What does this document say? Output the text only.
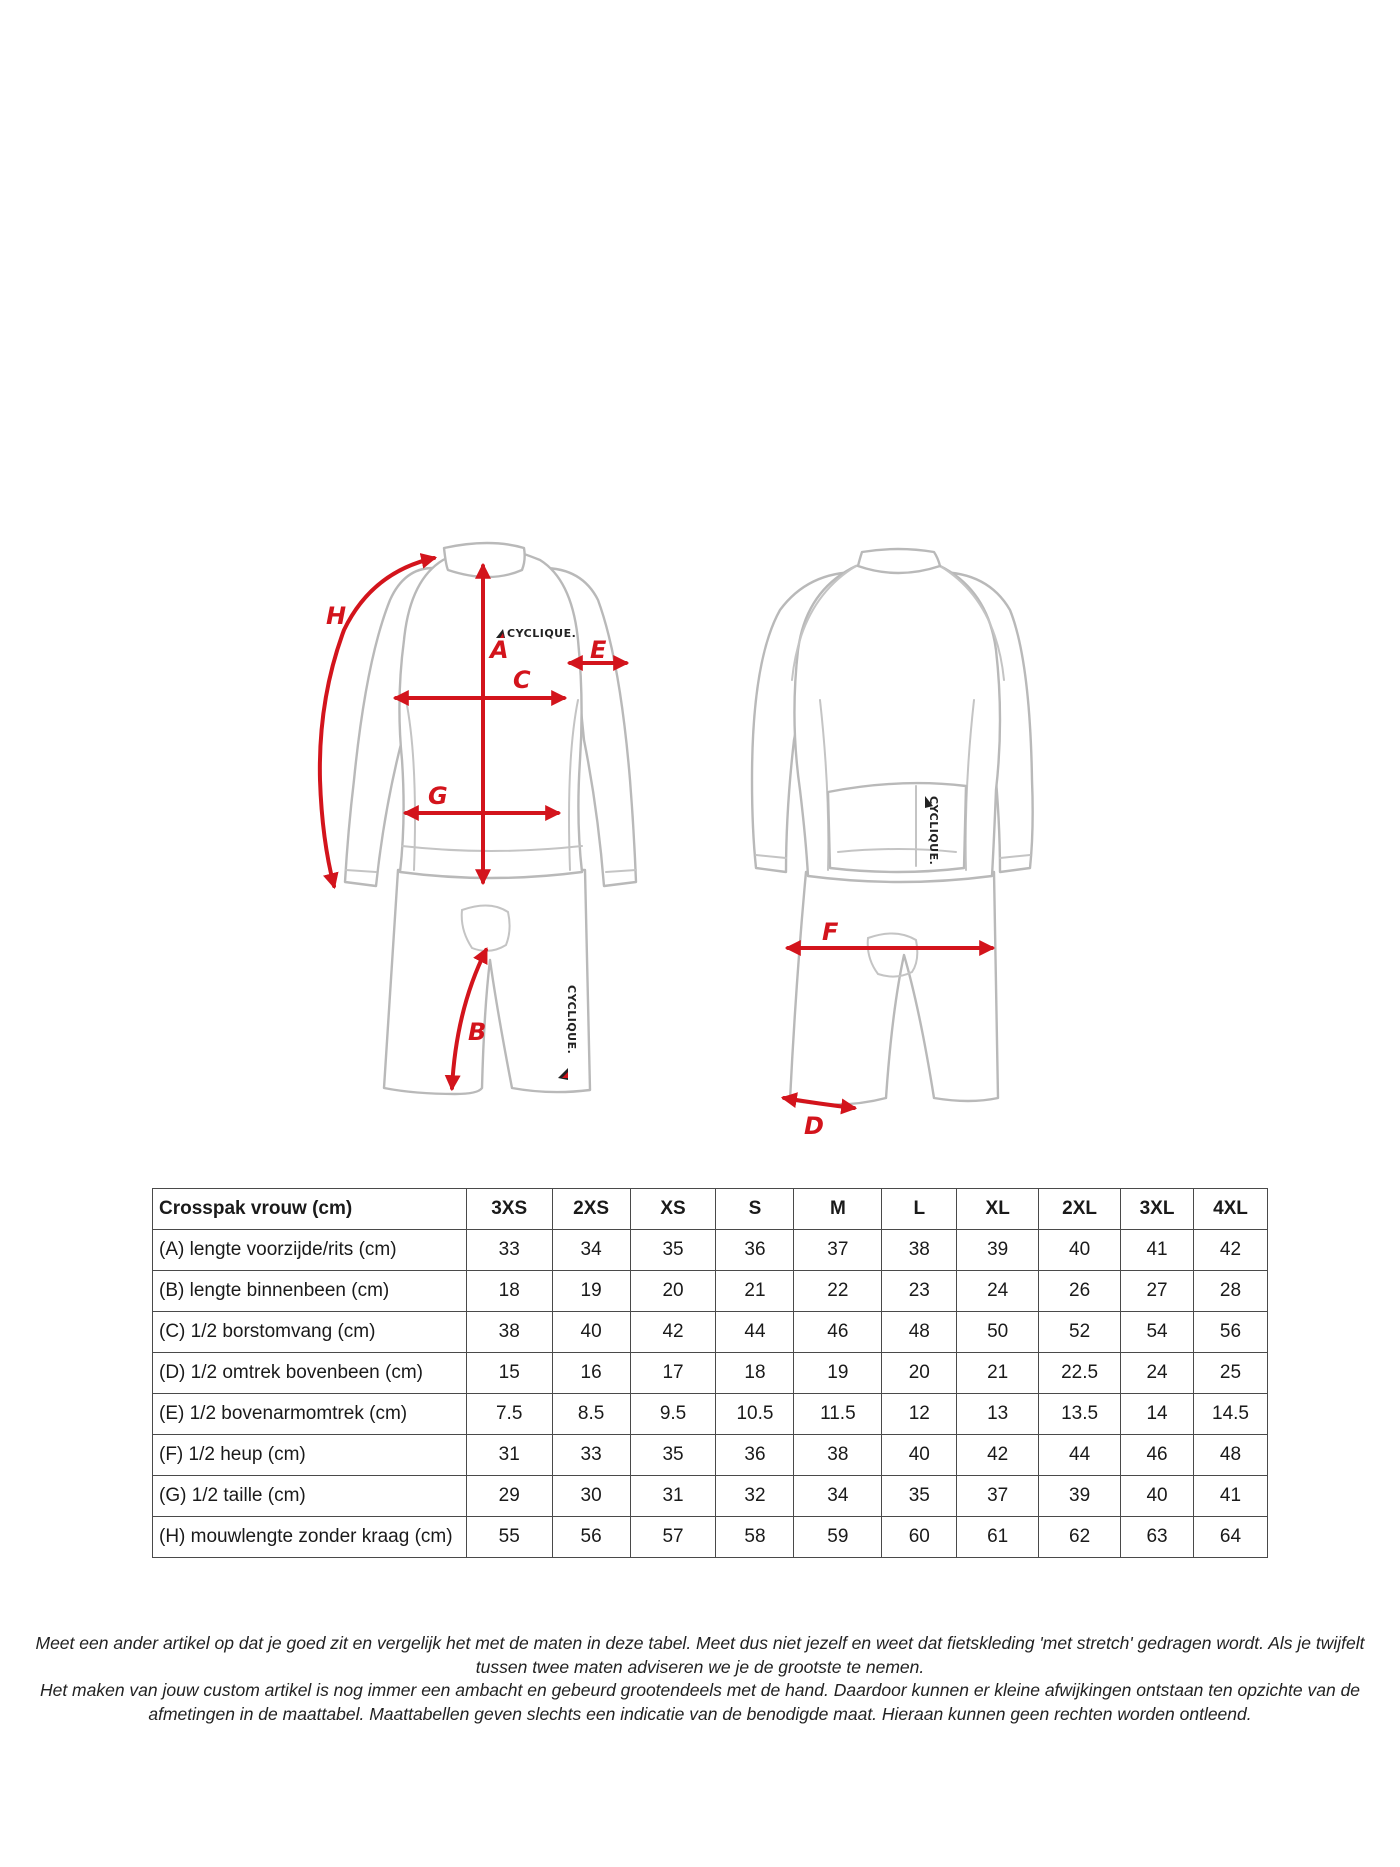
CYCLIQUE.
CYCLIQUE.
CYCLIQUE.
H
A	E
C
G
B
F
D
Crosspak vrouw (cm)	3XS	2XS	XS	S	M	L	XL	2XL	3XL	4XL
(A) lengte voorzijde/rits (cm)	33	34	35	36	37	38	39	40	41	42
(B) lengte binnenbeen (cm)	18	19	20	21	22	23	24	26	27	28
(C) 1/2 borstomvang (cm)	38	40	42	44	46	48	50	52	54	56
(D) 1/2 omtrek bovenbeen (cm)	15	16	17	18	19	20	21	22.5	24	25
(E) 1/2 bovenarmomtrek (cm)	7.5	8.5	9.5	10.5	11.5	12	13	13.5	14	14.5
(F) 1/2 heup (cm)	31	33	35	36	38	40	42	44	46	48
(G) 1/2 taille (cm)	29	30	31	32	34	35	37	39	40	41
(H) mouwlengte zonder kraag (cm)	55	56	57	58	59	60	61	62	63	64

Meet een ander artikel op dat je goed zit en vergelijk het met de maten in deze tabel. Meet dus niet jezelf en weet dat fietskleding 'met stretch' gedragen wordt. Als je twijfelt tussen twee maten adviseren we je de grootste te nemen.

Het maken van jouw custom artikel is nog immer een ambacht en gebeurd grootendeels met de hand. Daardoor kunnen er kleine afwijkingen ontstaan ten opzichte van de afmetingen in de maattabel. Maattabellen geven slechts een indicatie van de benodigde maat. Hieraan kunnen geen rechten worden ontleend.
